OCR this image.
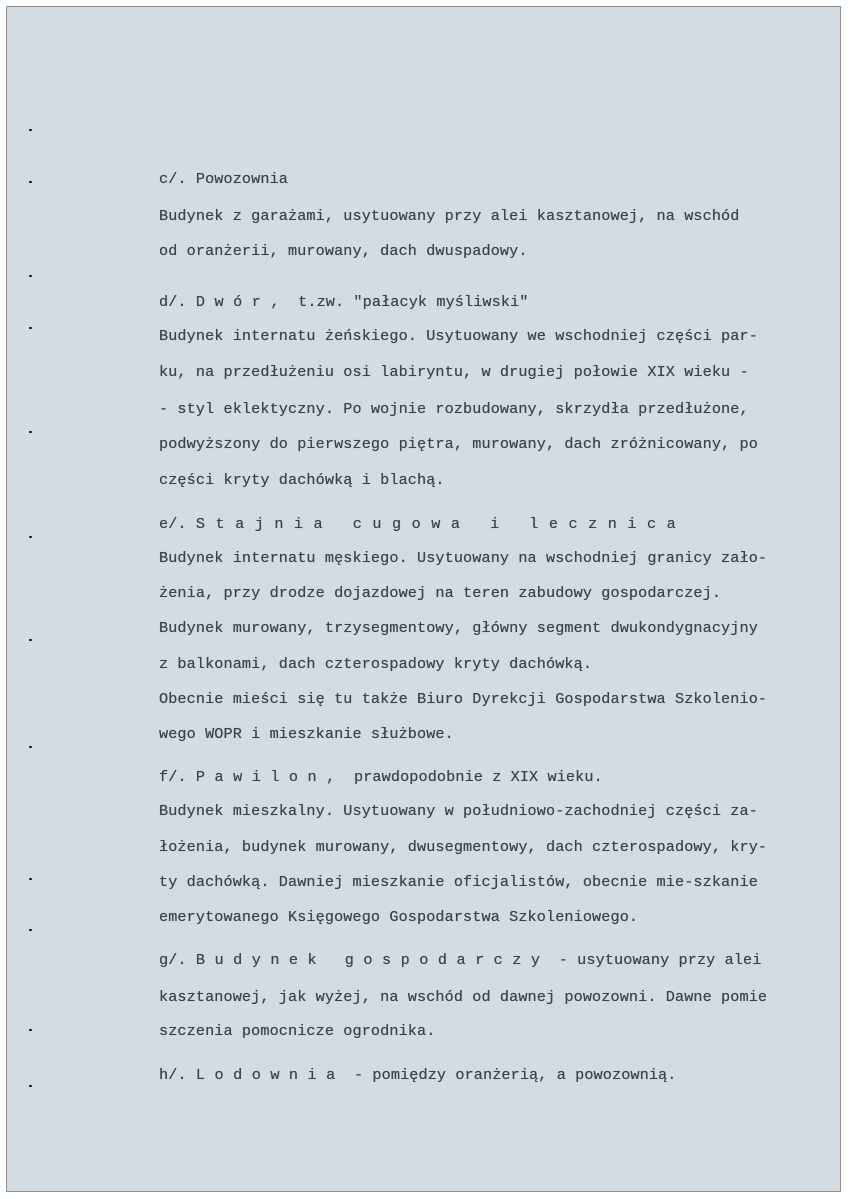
c/. Powozownia

Budynek z garażami, usytuowany przy alei kasztanowej, na wschód

od oranżerii, murowany, dach dwuspadowy.

d/. Dwór, t.zw. "pałacyk myśliwski"

Budynek internatu żeńskiego. Usytuowany we wschodniej części par-

ku, na przedłużeniu osi labiryntu, w drugiej połowie XIX wieku -

- styl eklektyczny. Po wojnie rozbudowany, skrzydła przedłużone,

podwyższony do pierwszego piętra, murowany, dach zróżnicowany, po

części kryty dachówką i blachą.

e/. Stajnia cugowa i lecznica

Budynek internatu męskiego. Usytuowany na wschodniej granicy zało-

żenia, przy drodze dojazdowej na teren zabudowy gospodarczej.

Budynek murowany, trzysegmentowy, główny segment dwukondygnacyjny

z balkonami, dach czterospadowy kryty dachówką.

Obecnie mieści się tu także Biuro Dyrekcji Gospodarstwa Szkolenio-

wego WOPR i mieszkanie służbowe.

f/. Pawilon, prawdopodobnie z XIX wieku.

Budynek mieszkalny. Usytuowany w południowo-zachodniej części za-

łożenia, budynek murowany, dwusegmentowy, dach czterospadowy, kry-

ty dachówką. Dawniej mieszkanie oficjalistów, obecnie mie-szkanie

emerytowanego Księgowego Gospodarstwa Szkoleniowego.

g/. Budynek gospodarczy - usytuowany przy alei

kasztanowej, jak wyżej, na wschód od dawnej powozowni. Dawne pomie

szczenia pomocnicze ogrodnika.

h/. Lodownia - pomiędzy oranżerią, a powozownią.
